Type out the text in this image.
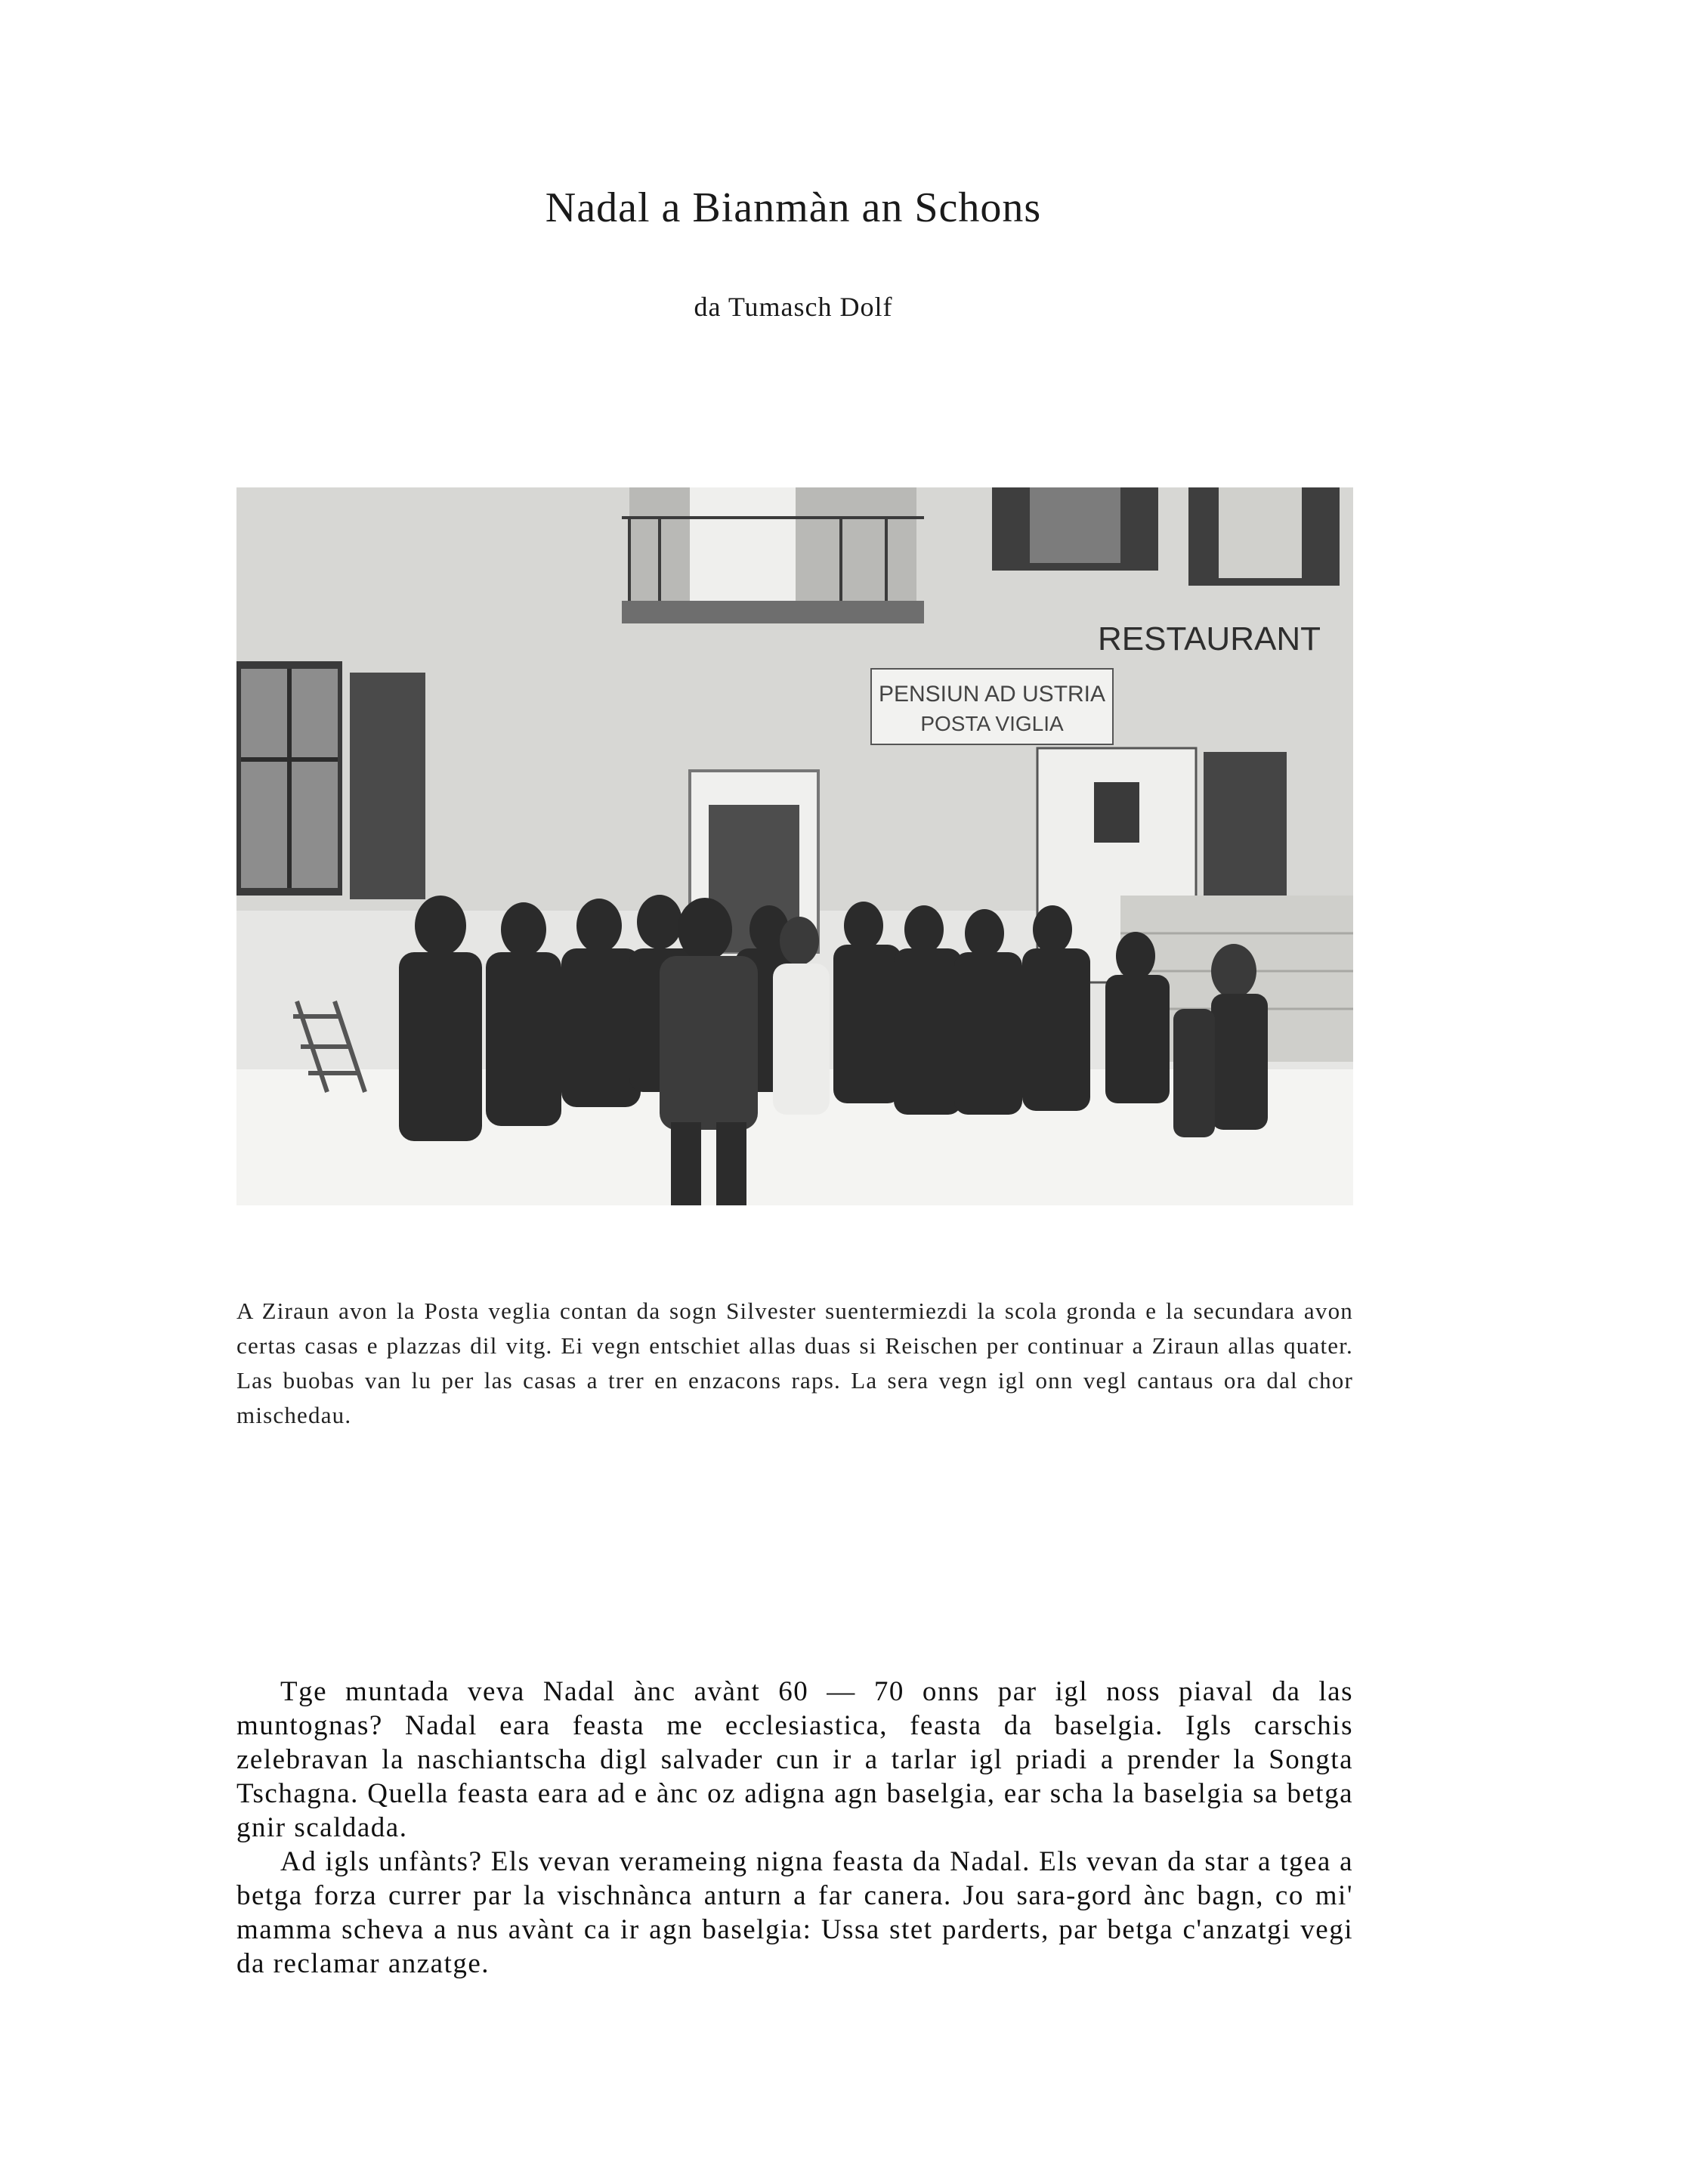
Nadal a Bianmàn an Schons
da Tumasch Dolf
PENSIUN AD USTRIA
POSTA VIGLIA
RESTAURANT
A Ziraun avon la Posta veglia contan da sogn Silvester suentermiezdi la scola gronda e la secundara avon certas casas e plazzas dil vitg. Ei vegn entschiet allas duas si Reischen per continuar a Ziraun allas quater. Las buobas van lu per las casas a trer en enzacons raps. La sera vegn igl onn vegl cantaus ora dal chor mischedau.

Tge muntada veva Nadal ànc avànt 60 — 70 onns par igl noss piaval da las muntognas? Nadal eara feasta me ecclesiastica, feasta da baselgia. Igls carschis zelebravan la naschiantscha digl salvader cun ir a tarlar igl priadi a prender la Songta Tschagna. Quella feasta eara ad e ànc oz adigna agn baselgia, ear scha la baselgia sa betga gnir scaldada.

Ad igls unfànts? Els vevan verameing nigna feasta da Nadal. Els vevan da star a tgea a betga forza currer par la vischnànca anturn a far canera. Jou sara-gord ànc bagn, co mi' mamma scheva a nus avànt ca ir agn baselgia: Ussa stet parderts, par betga c'anzatgi vegi da reclamar anzatge.
